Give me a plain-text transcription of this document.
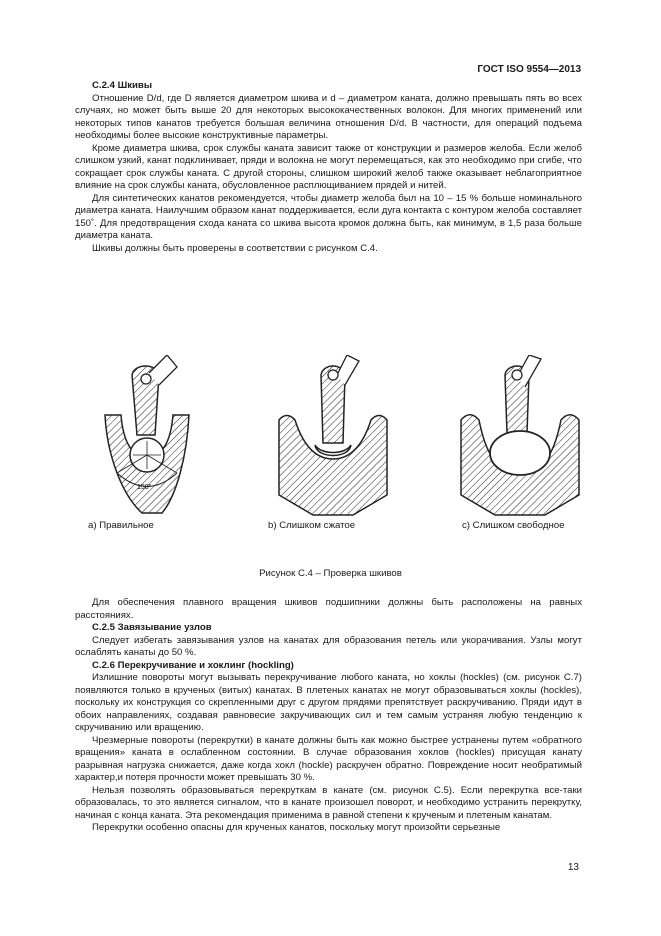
ГОСТ ISO 9554—2013

С.2.4 Шкивы

Отношение D/d, где D является диаметром шкива и d – диаметром каната, должно превышать пять во всех случаях, но может быть выше 20 для некоторых высококачественных волокон. Для многих применений или некоторых типов канатов требуется большая величина отношения D/d. В частности, для операций подъема необходимы более высокие конструктивные параметры.

Кроме диаметра шкива, срок службы каната зависит также от конструкции и размеров желоба. Если желоб слишком узкий, канат подклинивает, пряди и волокна не могут перемещаться, как это необходимо при сгибе, что сокращает срок службы каната. С другой стороны, слишком широкий желоб также оказывает неблагоприятное влияние на срок службы каната, обусловленное расплющиванием прядей и нитей.

Для синтетических канатов рекомендуется, чтобы диаметр желоба был на 10 – 15 % больше номинального диаметра каната. Наилучшим образом канат поддерживается, если дуга контакта с контуром желоба составляет 150˚. Для предотвращения схода каната со шкива высота кромок должна быть, как минимум, в 1,5 раза больше диаметра каната.

Шкивы должны быть проверены в соответствии с рисунком С.4.

150°
а) Правильное	b) Слишком сжатое	с) Слишком свободное
Рисунок С.4 – Проверка шкивов

Для обеспечения плавного вращения шкивов подшипники должны быть расположены на равных расстояниях.

С.2.5 Завязывание узлов

Следует избегать завязывания узлов на канатах для образования петель или укорачивания. Узлы могут ослаблять канаты до 50 %.

С.2.6 Перекручивание и хоклинг (hockling)

Излишние повороты могут вызывать перекручивание любого каната, но хоклы (hockles) (см. рисунок С.7) появляются только в крученых (витых) канатах. В плетеных канатах не могут образовываться хоклы (hockles), поскольку их конструкция со скрепленными друг с другом прядями препятствует раскручиванию. Пряди идут в обоих направлениях, создавая равновесие закручивающих сил и тем самым устраняя любую тенденцию к скручиванию или вращению.

Чрезмерные повороты (перекрутки) в канате должны быть как можно быстрее устранены путем «обратного вращения» каната в ослабленном состоянии. В случае образования хоклов (hockles) присущая канату разрывная нагрузка снижается, даже когда хокл (hockle) раскручен обратно. Повреждение носит необратимый характер,и потеря прочности может превышать 30 %.

Нельзя позволять образовываться перекруткам в канате (см. рисунок С.5). Если перекрутка все-таки образовалась, то это является сигналом, что в канате произошел поворот, и необходимо устранить перекрутку, начиная с конца каната. Эта рекомендация применима в равной степени к крученым и плетеным канатам.

Перекрутки особенно опасны для крученых канатов, поскольку могут произойти серьезные

13
